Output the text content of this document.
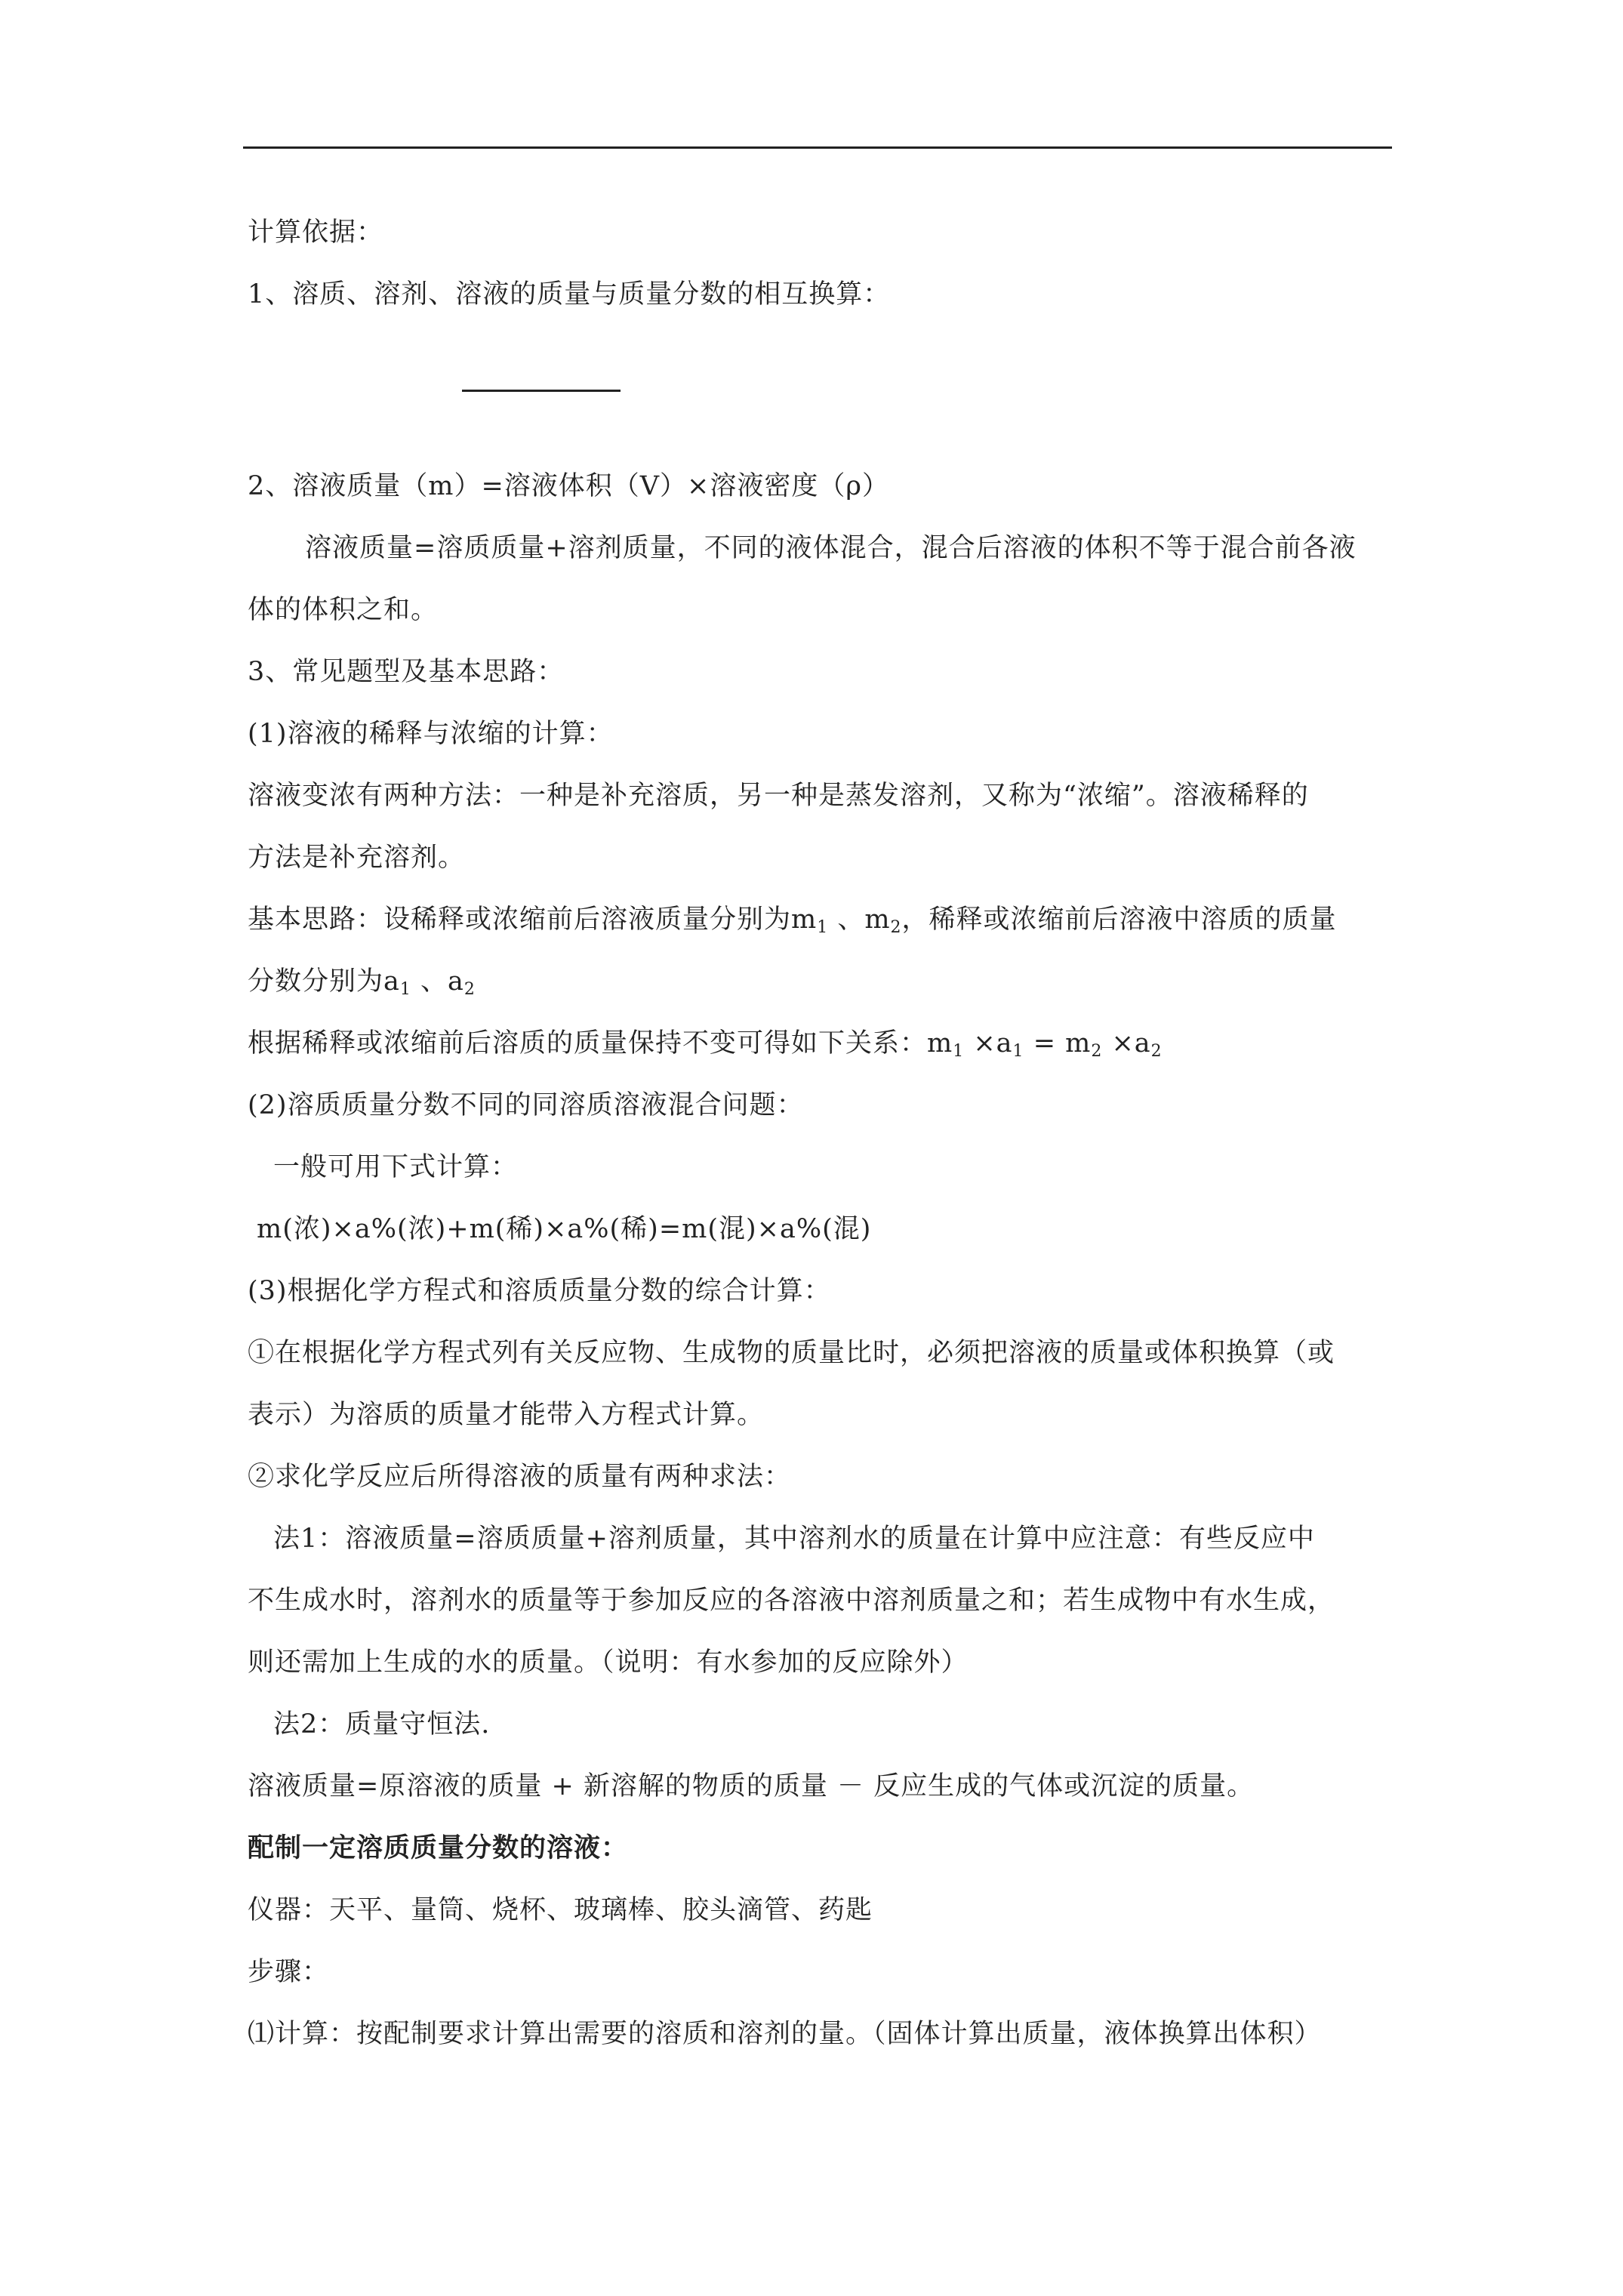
计算依据：
1、溶质、溶剂、溶液的质量与质量分数的相互换算：
2、溶液质量（m）=溶液体积（V）×溶液密度（ρ）
溶液质量=溶质质量+溶剂质量，不同的液体混合，混合后溶液的体积不等于混合前各液
体的体积之和。
3、常见题型及基本思路：
(1)溶液的稀释与浓缩的计算：
溶液变浓有两种方法：一种是补充溶质，另一种是蒸发溶剂，又称为“浓缩”。溶液稀释的
方法是补充溶剂。
基本思路：设稀释或浓缩前后溶液质量分别为$m_1$ 、$m_2$，稀释或浓缩前后溶液中溶质的质量
分数分别为$a_1$ 、$a_2$
根据稀释或浓缩前后溶质的质量保持不变可得如下关系：$m_1 \times a_1 = m_2 \times a_2$
(2)溶质质量分数不同的同溶质溶液混合问题：
一般可用下式计算：
m(浓)×a%(浓)+m(稀)×a%(稀)=m(混)×a%(混)
(3)根据化学方程式和溶质质量分数的综合计算：
①在根据化学方程式列有关反应物、生成物的质量比时，必须把溶液的质量或体积换算（或
表示）为溶质的质量才能带入方程式计算。
②求化学反应后所得溶液的质量有两种求法：
法1：溶液质量=溶质质量+溶剂质量，其中溶剂水的质量在计算中应注意：有些反应中
不生成水时，溶剂水的质量等于参加反应的各溶液中溶剂质量之和；若生成物中有水生成，
则还需加上生成的水的质量。（说明：有水参加的反应除外）
法2：质量守恒法.
溶液质量=原溶液的质量 + 新溶解的物质的质量 － 反应生成的气体或沉淀的质量。
配制一定溶质质量分数的溶液：
仪器：天平、量筒、烧杯、玻璃棒、胶头滴管、药匙
步骤：
⑴计算：按配制要求计算出需要的溶质和溶剂的量。（固体计算出质量，液体换算出体积）
